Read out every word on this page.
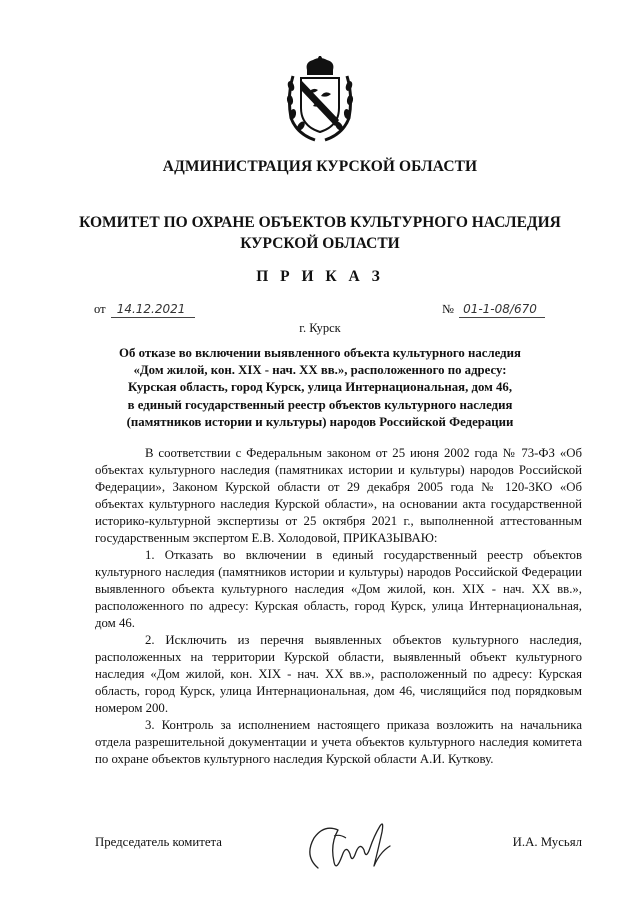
АДМИНИСТРАЦИЯ КУРСКОЙ ОБЛАСТИ
КОМИТЕТ ПО ОХРАНЕ ОБЪЕКТОВ КУЛЬТУРНОГО НАСЛЕДИЯ
КУРСКОЙ ОБЛАСТИ
П Р И К А З
от 14.12.2021	№ 01-1-08/670
г. Курск
Об отказе во включении выявленного объекта культурного наследия
«Дом жилой, кон. XIX - нач. XX вв.», расположенного по адресу:
Курская область, город Курск, улица Интернациональная, дом 46,
в единый государственный реестр объектов культурного наследия
(памятников истории и культуры) народов Российской Федерации

В соответствии с Федеральным законом от 25 июня 2002 года № 73-ФЗ «Об объектах культурного наследия (памятниках истории и культуры) народов Российской Федерации», Законом Курской области от 29 декабря 2005 года № 120-ЗКО «Об объектах культурного наследия Курской области», на основании акта государственной историко-культурной экспертизы от 25 октября 2021 г., выполненной аттестованным государственным экспертом Е.В. Холодовой, ПРИКАЗЫВАЮ:

1. Отказать во включении в единый государственный реестр объектов культурного наследия (памятников истории и культуры) народов Российской Федерации выявленного объекта культурного наследия «Дом жилой, кон. XIX - нач. XX вв.», расположенного по адресу: Курская область, город Курск, улица Интернациональная, дом 46.

2. Исключить из перечня выявленных объектов культурного наследия, расположенных на территории Курской области, выявленный объект культурного наследия «Дом жилой, кон. XIX - нач. XX вв.», расположенный по адресу: Курская область, город Курск, улица Интернациональная, дом 46, числящийся под порядковым номером 200.

3. Контроль за исполнением настоящего приказа возложить на начальника отдела разрешительной документации и учета объектов культурного наследия комитета по охране объектов культурного наследия Курской области А.И. Куткову.

Председатель комитета	И.А. Мусьял
